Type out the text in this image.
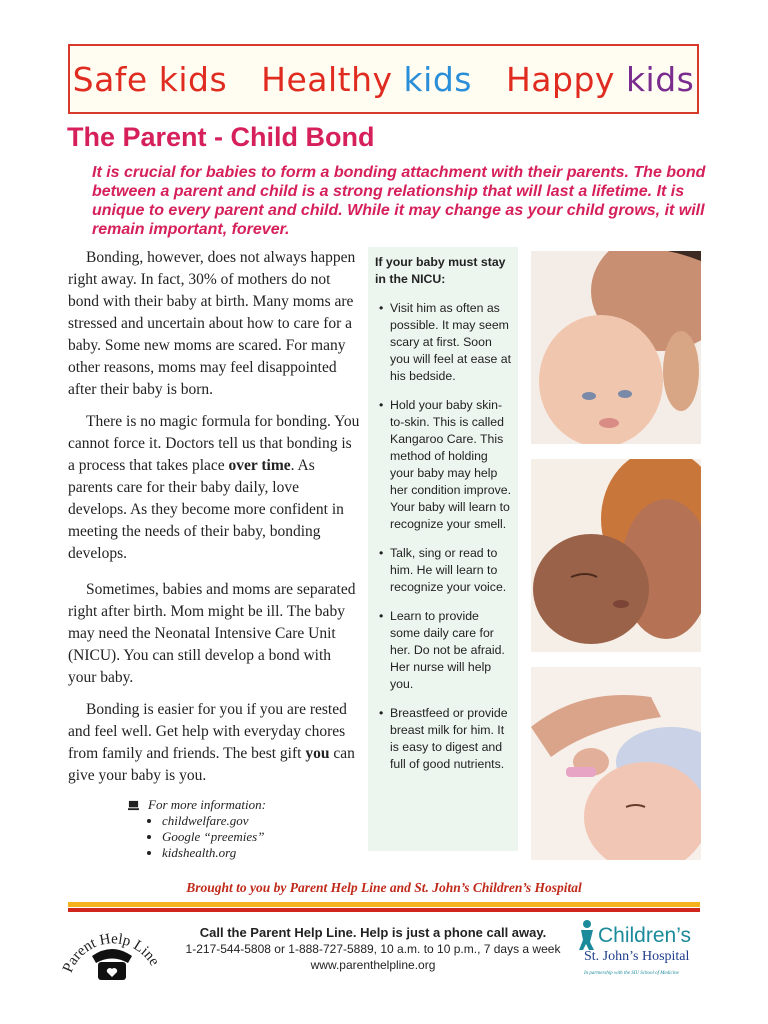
Safe kids Healthy kids Happy kids
The Parent - Child Bond

It is crucial for babies to form a bonding attachment with their parents. The bond between a parent and child is a strong relationship that will last a lifetime. It is unique to every parent and child. While it may change as your child grows, it will remain important, forever.

Bonding, however, does not always happen right away. In fact, 30% of mothers do not bond with their baby at birth. Many moms are stressed and uncertain about how to care for a baby. Some new moms are scared. For many other reasons, moms may feel disappointed after their baby is born.

There is no magic formula for bonding. You cannot force it. Doctors tell us that bonding is a process that takes place over time. As parents care for their baby daily, love develops. As they become more confident in meeting the needs of their baby, bonding develops.

Sometimes, babies and moms are separated right after birth. Mom might be ill. The baby may need the Neonatal Intensive Care Unit (NICU). You can still develop a bond with your baby.

Bonding is easier for you if you are rested and feel well. Get help with everyday chores from family and friends. The best gift you can give your baby is you.

For more information:
• childwelfare.gov
• Google “preemies”
• kidshealth.org
If your baby must stay in the NICU:
• Visit him as often as possible. It may seem scary at first. Soon you will feel at ease at his bedside.
• Hold your baby skin-to-skin. This is called Kangaroo Care. This method of holding your baby may help her condition improve. Your baby will learn to recognize your smell.
• Talk, sing or read to him. He will learn to recognize your voice.
• Learn to provide some daily care for her. Do not be afraid. Her nurse will help you.
• Breastfeed or provide breast milk for him. It is easy to digest and full of good nutrients.
Brought to you by Parent Help Line and St. John’s Children’s Hospital
arent Help Line
Call the Parent Help Line. Help is just a phone call away.
1-217-544-5808 or 1-888-727-5889, 10 a.m. to 10 p.m., 7 days a week
www.parenthelpline.org
Children’s
St. John’s Hospital
In partnership with the SIU School of Medicine
